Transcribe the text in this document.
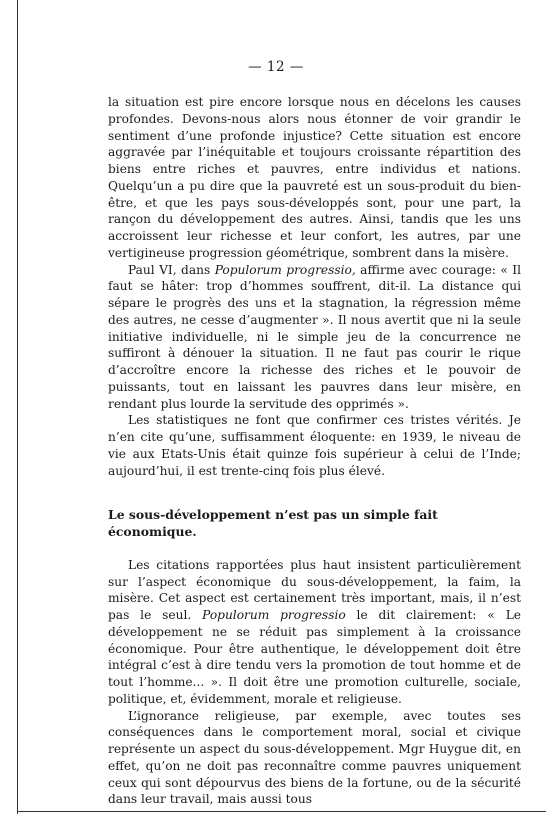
— 12 —

la situation est pire encore lorsque nous en décelons les causes profondes. Devons-nous alors nous étonner de voir grandir le sentiment d’une profonde injustice? Cette situation est encore aggravée par l’inéquitable et toujours croissante répartition des biens entre riches et pauvres, entre individus et nations. Quelqu’un a pu dire que la pauvreté est un sous-produit du bien-être, et que les pays sous-développés sont, pour une part, la rançon du développement des autres. Ainsi, tandis que les uns accroissent leur richesse et leur confort, les autres, par une vertigineuse progression géométrique, sombrent dans la misère.

Paul VI, dans Populorum progressio, affirme avec courage: « Il faut se hâter: trop d’hommes souffrent, dit-il. La distance qui sépare le progrès des uns et la stagnation, la régression même des autres, ne cesse d’augmenter ». Il nous avertit que ni la seule initiative individuelle, ni le simple jeu de la concurrence ne suffiront à dénouer la situation. Il ne faut pas courir le rique d’accroître encore la richesse des riches et le pouvoir de puissants, tout en laissant les pauvres dans leur misère, en rendant plus lourde la servitude des opprimés ».

Les statistiques ne font que confirmer ces tristes vérités. Je n’en cite qu’une, suffisamment éloquente: en 1939, le niveau de vie aux Etats-Unis était quinze fois supérieur à celui de l’Inde; aujourd’hui, il est trente-cinq fois plus élevé.

Le sous-développement n’est pas un simple fait économique.

Les citations rapportées plus haut insistent particulièrement sur l’aspect économique du sous-développement, la faim, la misère. Cet aspect est certainement très important, mais, il n’est pas le seul. Populorum progressio le dit clairement: « Le développement ne se réduit pas simplement à la croissance économique. Pour être authentique, le développement doit être intégral c’est à dire tendu vers la promotion de tout homme et de tout l’homme... ». Il doit être une promotion culturelle, sociale, politique, et, évidemment, morale et religieuse.

L’ignorance religieuse, par exemple, avec toutes ses conséquences dans le comportement moral, social et civique représente un aspect du sous-développement. Mgr Huygue dit, en effet, qu’on ne doit pas reconnaître comme pauvres uniquement ceux qui sont dépourvus des biens de la fortune, ou de la sécurité dans leur travail, mais aussi tous
